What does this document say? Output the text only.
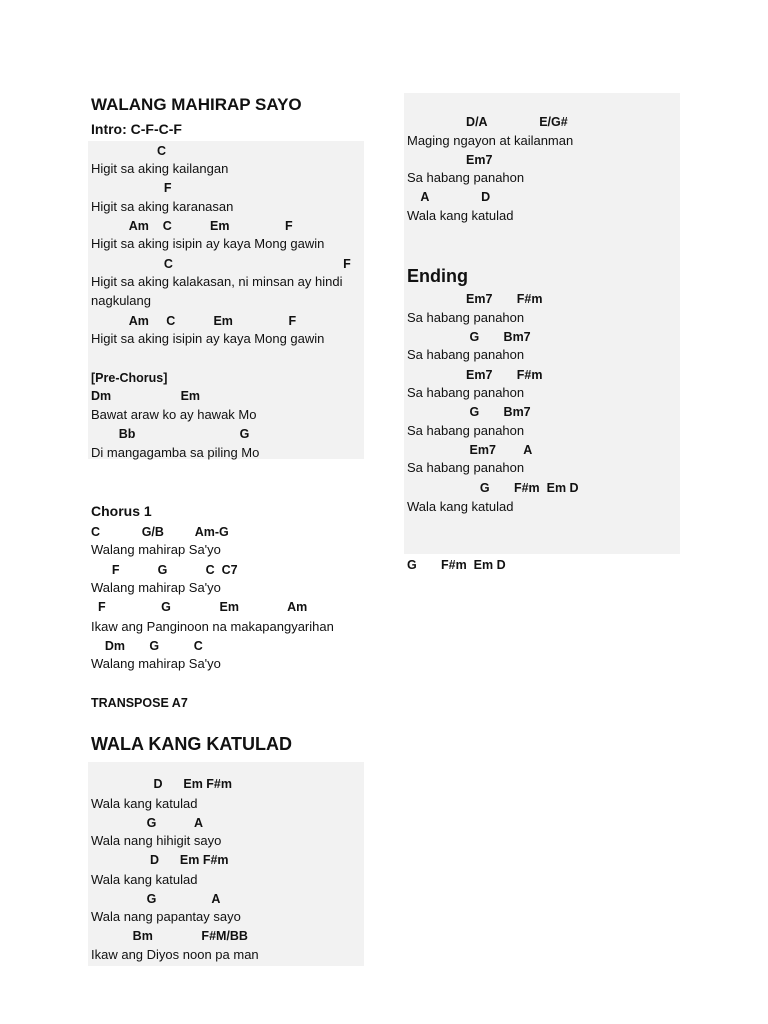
WALANG MAHIRAP SAYO
Intro: C-F-C-F
C
Higit sa aking kailangan
F
Higit sa aking karanasan
Am    C           Em                F
Higit sa aking isipin ay kaya Mong gawin
C                                                 F
Higit sa aking kalakasan, ni minsan ay hindi
nagkulang
Am     C           Em                F
Higit sa aking isipin ay kaya Mong gawin
[Pre-Chorus]
Dm                    Em
Bawat araw ko ay hawak Mo
Bb                              G
Di mangagamba sa piling Mo
Chorus 1
C            G/B         Am-G
Walang mahirap Sa'yo
F           G           C  C7
Walang mahirap Sa'yo
F                G              Em              Am
Ikaw ang Panginoon na makapangyarihan
Dm       G          C
Walang mahirap Sa'yo
TRANSPOSE A7
WALA KANG KATULAD
D      Em F#m
Wala kang katulad
G           A
Wala nang hihigit sayo
D      Em F#m
Wala kang katulad
G                A
Wala nang papantay sayo
Bm              F#M/BB
Ikaw ang Diyos noon pa man
D/A               E/G#
Maging ngayon at kailanman
Em7
Sa habang panahon
A               D
Wala kang katulad
Ending
Em7       F#m
Sa habang panahon
G       Bm7
Sa habang panahon
Em7       F#m
Sa habang panahon
G       Bm7
Sa habang panahon
Em7        A
Sa habang panahon
G       F#m  Em D
Wala kang katulad
G       F#m  Em D
